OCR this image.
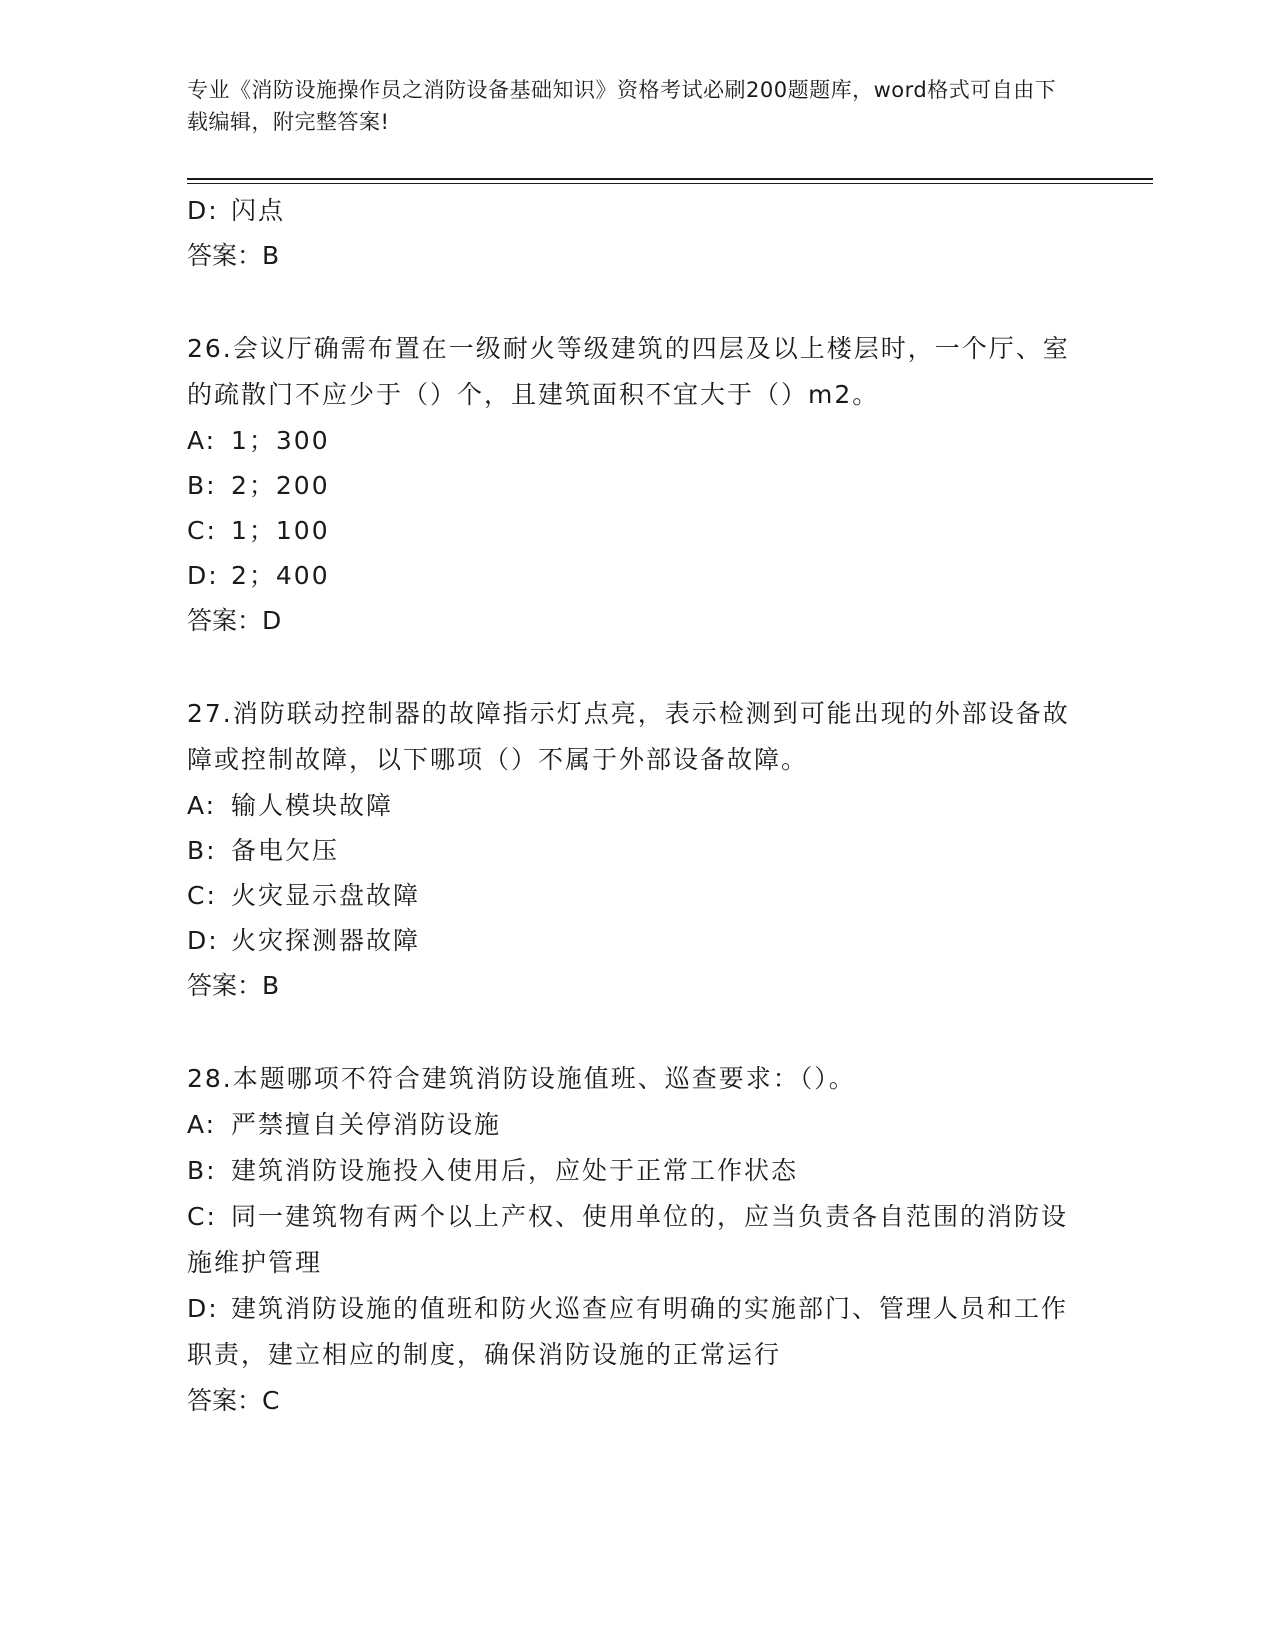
专业《消防设施操作员之消防设备基础知识》资格考试必刷200题题库，word格式可自由下载编辑，附完整答案!
D: 闪点
答案：B
26.会议厅确需布置在一级耐火等级建筑的四层及以上楼层时，一个厅、室的疏散门不应少于（）个，且建筑面积不宜大于（）m2。
A: 1；300
B: 2；200
C: 1；100
D: 2；400
答案：D
27.消防联动控制器的故障指示灯点亮，表示检测到可能出现的外部设备故障或控制故障，以下哪项（）不属于外部设备故障。
A: 输人模块故障
B: 备电欠压
C: 火灾显示盘故障
D: 火灾探测器故障
答案：B
28.本题哪项不符合建筑消防设施值班、巡查要求：（）。
A: 严禁擅自关停消防设施
B: 建筑消防设施投入使用后，应处于正常工作状态
C: 同一建筑物有两个以上产权、使用单位的，应当负责各自范围的消防设施维护管理
D: 建筑消防设施的值班和防火巡查应有明确的实施部门、管理人员和工作职责，建立相应的制度，确保消防设施的正常运行
答案：C
